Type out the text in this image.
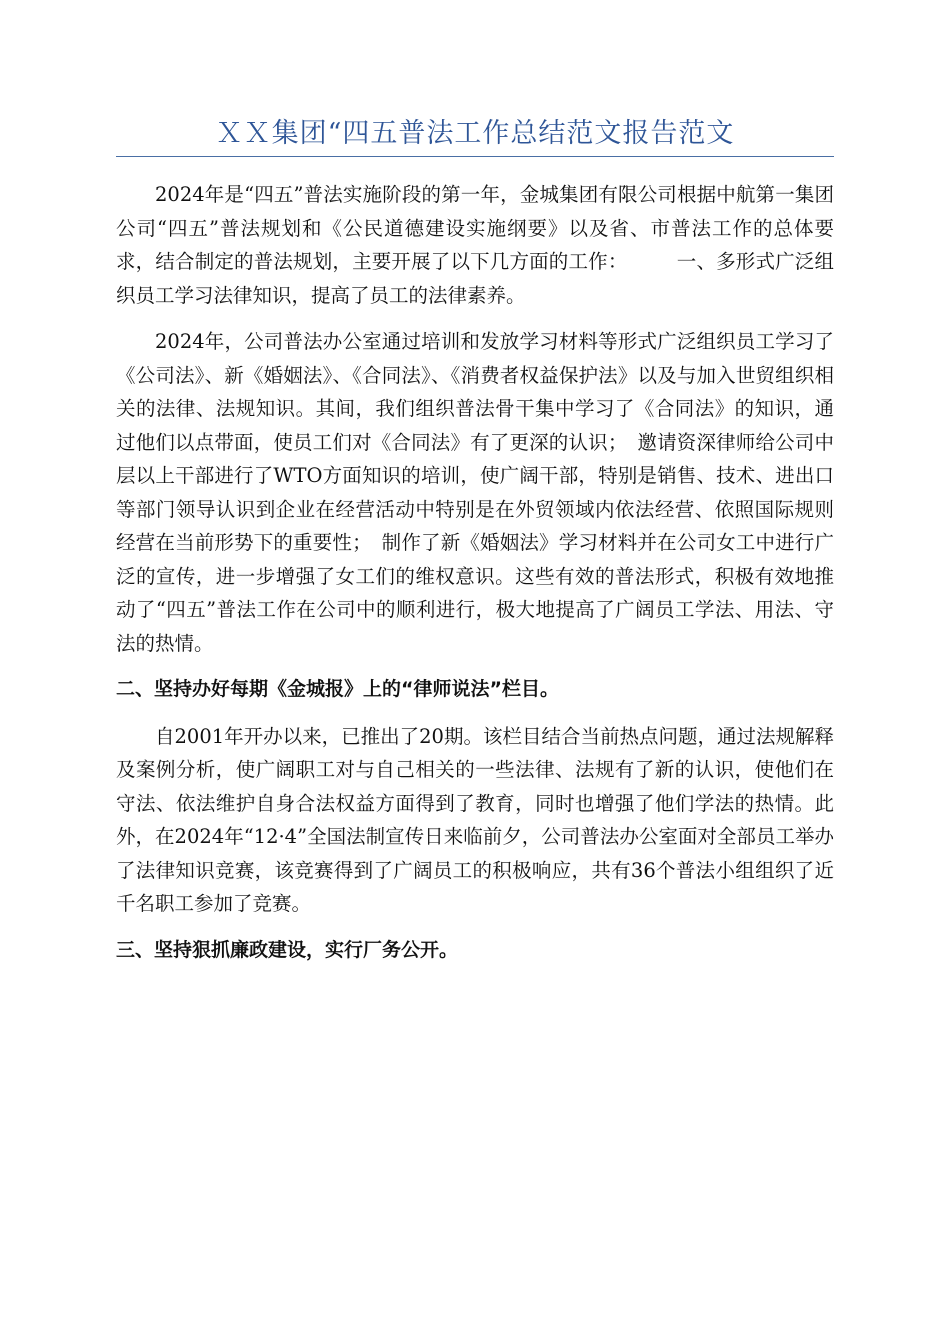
ＸＸ集团“四五普法工作总结范文报告范文

2024年是“四五”普法实施阶段的第一年，金城集团有限公司根据中航第一集团公司“四五”普法规划和《公民道德建设实施纲要》以及省、市普法工作的总体要求，结合制定的普法规划，主要开展了以下几方面的工作：　　　一、多形式广泛组织员工学习法律知识，提高了员工的法律素养。

2024年，公司普法办公室通过培训和发放学习材料等形式广泛组织员工学习了《公司法》、新《婚姻法》、《合同法》、《消费者权益保护法》以及与加入世贸组织相关的法律、法规知识。其间，我们组织普法骨干集中学习了《合同法》的知识，通过他们以点带面，使员工们对《合同法》有了更深的认识；　邀请资深律师给公司中层以上干部进行了WTO方面知识的培训，使广阔干部，特别是销售、技术、进出口等部门领导认识到企业在经营活动中特别是在外贸领域内依法经营、依照国际规则经营在当前形势下的重要性；　制作了新《婚姻法》学习材料并在公司女工中进行广泛的宣传，进一步增强了女工们的维权意识。这些有效的普法形式，积极有效地推动了“四五”普法工作在公司中的顺利进行，极大地提高了广阔员工学法、用法、守法的热情。

二、坚持办好每期《金城报》上的“律师说法”栏目。

自2001年开办以来，已推出了20期。该栏目结合当前热点问题，通过法规解释及案例分析，使广阔职工对与自己相关的一些法律、法规有了新的认识，使他们在守法、依法维护自身合法权益方面得到了教育，同时也增强了他们学法的热情。此外，在2024年“12·4”全国法制宣传日来临前夕，公司普法办公室面对全部员工举办了法律知识竞赛，该竞赛得到了广阔员工的积极响应，共有36个普法小组组织了近千名职工参加了竞赛。

三、坚持狠抓廉政建设，实行厂务公开。
